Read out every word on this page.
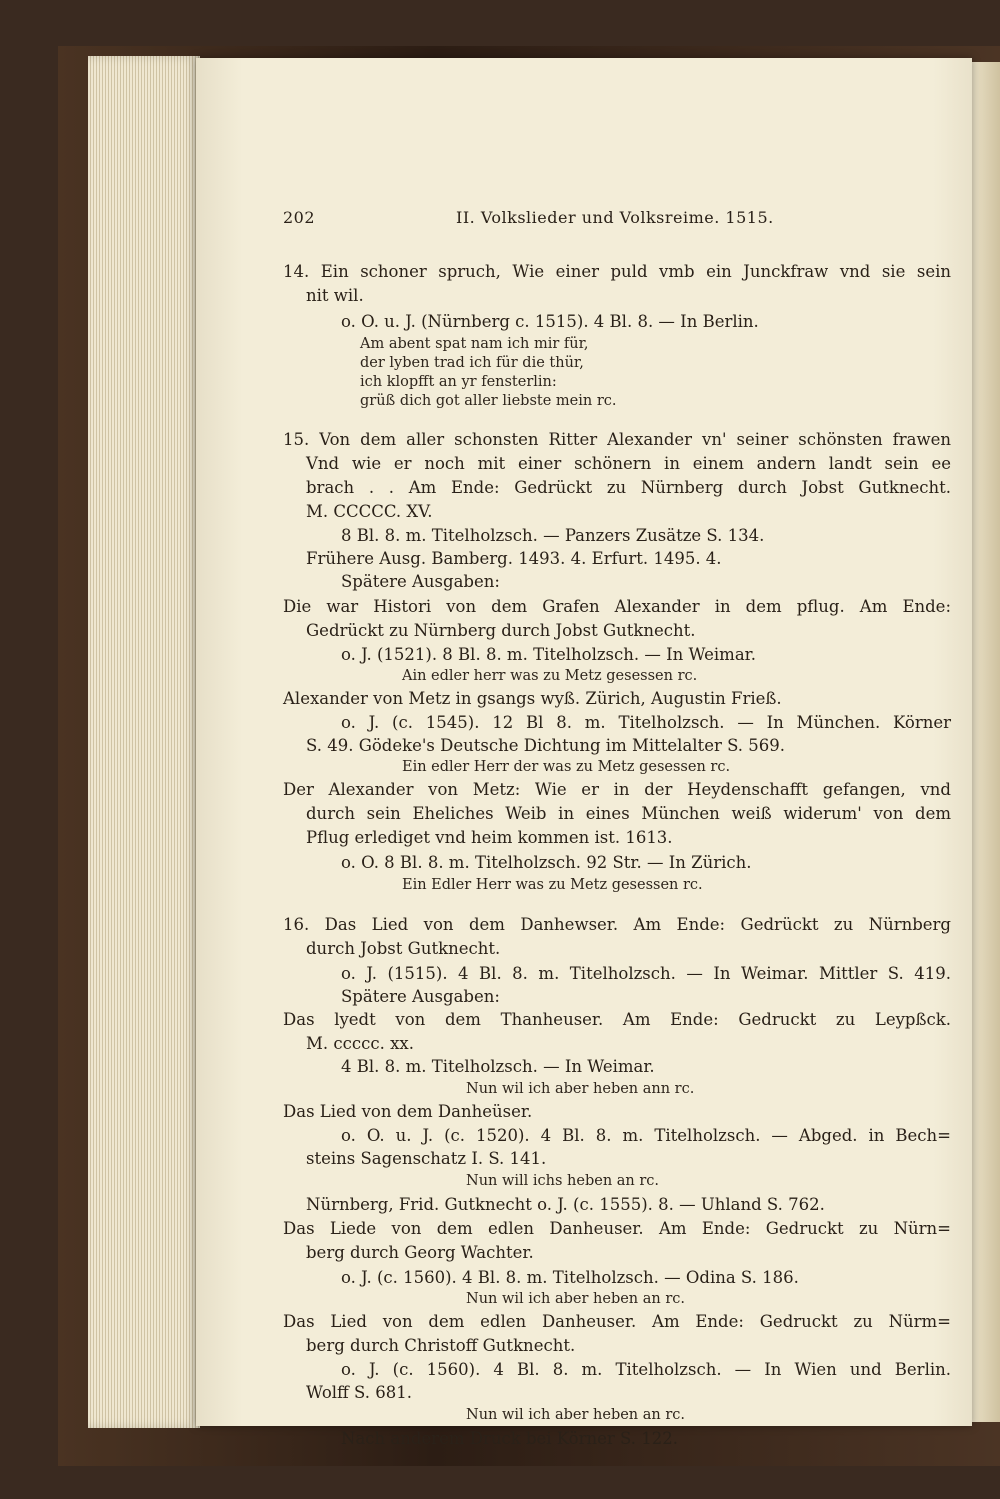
202	II. Volkslieder und Volksreime. 1515.
14. Ein schoner spruch, Wie einer puld vmb ein Junckfraw vnd sie sein
nit wil.
o. O. u. J. (Nürnberg c. 1515). 4 Bl. 8. — In Berlin.
Am abent spat nam ich mir für,
der lyben trad ich für die thür,
ich klopfft an yr fensterlin:
grüß dich got aller liebste mein rc.
15. Von dem aller schonsten Ritter Alexander vn' seiner schönsten frawen
Vnd wie er noch mit einer schönern in einem andern landt sein ee
brach . . Am Ende: Gedrückt zu Nürnberg durch Jobst Gutknecht.
M. CCCCC. XV.
8 Bl. 8. m. Titelholzsch. — Panzers Zusätze S. 134.
Frühere Ausg. Bamberg. 1493. 4. Erfurt. 1495. 4.
Spätere Ausgaben:
Die war Histori von dem Grafen Alexander in dem pflug. Am Ende:
Gedrückt zu Nürnberg durch Jobst Gutknecht.
o. J. (1521). 8 Bl. 8. m. Titelholzsch. — In Weimar.
Ain edler herr was zu Metz gesessen rc.
Alexander von Metz in gsangs wyß. Zürich, Augustin Frieß.
o. J. (c. 1545). 12 Bl 8. m. Titelholzsch. — In München. Körner
S. 49. Gödeke's Deutsche Dichtung im Mittelalter S. 569.
Ein edler Herr der was zu Metz gesessen rc.
Der Alexander von Metz: Wie er in der Heydenschafft gefangen, vnd
durch sein Eheliches Weib in eines München weiß widerum' von dem
Pflug erlediget vnd heim kommen ist. 1613.
o. O. 8 Bl. 8. m. Titelholzsch. 92 Str. — In Zürich.
Ein Edler Herr was zu Metz gesessen rc.
16. Das Lied von dem Danhewser. Am Ende: Gedrückt zu Nürnberg
durch Jobst Gutknecht.
o. J. (1515). 4 Bl. 8. m. Titelholzsch. — In Weimar. Mittler S. 419.
Spätere Ausgaben:
Das lyedt von dem Thanheuser. Am Ende: Gedruckt zu Leypßck.
M. ccccc. xx.
4 Bl. 8. m. Titelholzsch. — In Weimar.
Nun wil ich aber heben ann rc.
Das Lied von dem Danheüser.
o. O. u. J. (c. 1520). 4 Bl. 8. m. Titelholzsch. — Abged. in Bech=
steins Sagenschatz I. S. 141.
Nun will ichs heben an rc.
Nürnberg, Frid. Gutknecht o. J. (c. 1555). 8. — Uhland S. 762.
Das Liede von dem edlen Danheuser. Am Ende: Gedruckt zu Nürn=
berg durch Georg Wachter.
o. J. (c. 1560). 4 Bl. 8. m. Titelholzsch. — Odina S. 186.
Nun wil ich aber heben an rc.
Das Lied von dem edlen Danheuser. Am Ende: Gedruckt zu Nürm=
berg durch Christoff Gutknecht.
o. J. (c. 1560). 4 Bl. 8. m. Titelholzsch. — In Wien und Berlin.
Wolff S. 681.
Nun wil ich aber heben an rc.
Nach anderem Druck bei Körner S. 122.
